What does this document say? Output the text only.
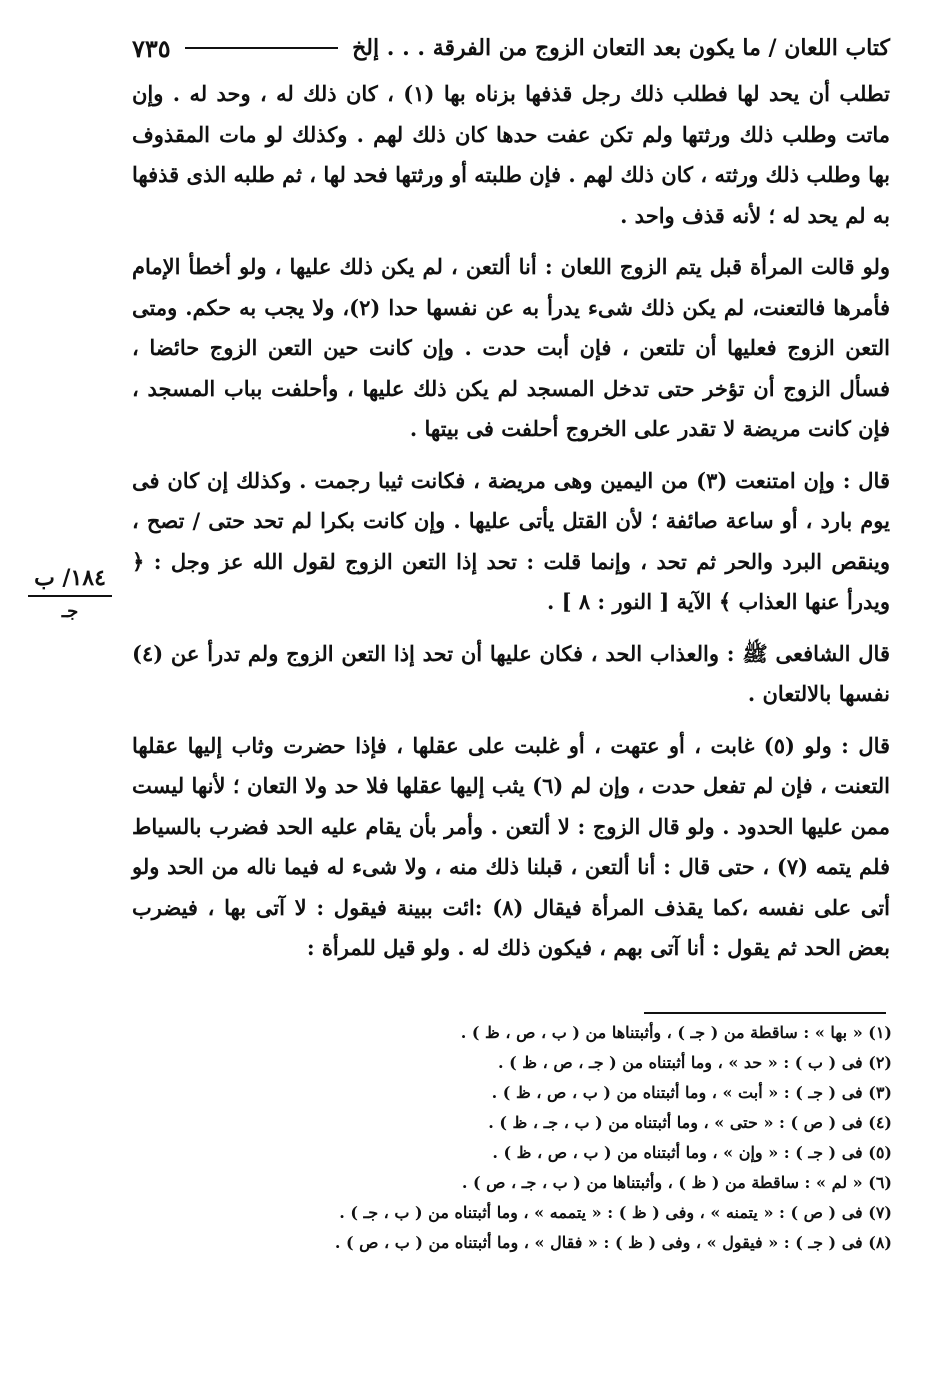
كتاب اللعان / ما يكون بعد التعان الزوج من الفرقة . . . إلخ
٧٣٥

تطلب أن يحد لها فطلب ذلك رجل قذفها بزناه بها (١) ، كان ذلك له ، وحد له . وإن ماتت وطلب ذلك ورثتها ولم تكن عفت حدها كان ذلك لهم . وكذلك لو مات المقذوف بها وطلب ذلك ورثته ، كان ذلك لهم . فإن طلبته أو ورثتها فحد لها ، ثم طلبه الذى قذفها به لم يحد له ؛ لأنه قذف واحد .

ولو قالت المرأة قبل يتم الزوج اللعان : أنا ألتعن ، لم يكن ذلك عليها ، ولو أخطأ الإمام فأمرها فالتعنت، لم يكن ذلك شىء يدرأ به عن نفسها حدا (٢)، ولا يجب به حكم. ومتى التعن الزوج فعليها أن تلتعن ، فإن أبت حدت . وإن كانت حين التعن الزوج حائضا ، فسأل الزوج أن تؤخر حتى تدخل المسجد لم يكن ذلك عليها ، وأحلفت بباب المسجد ، فإن كانت مريضة لا تقدر على الخروج أحلفت فى بيتها .

قال : وإن امتنعت (٣) من اليمين وهى مريضة ، فكانت ثيبا رجمت . وكذلك إن كان فى يوم بارد ، أو ساعة صائفة ؛ لأن القتل يأتى عليها . وإن كانت بكرا لم تحد حتى / تصح ، وينقص البرد والحر ثم تحد ، وإنما قلت : تحد إذا التعن الزوج لقول الله عز وجل : ﴿ ويدرأ عنها العذاب ﴾ الآية [ النور : ٨ ] .

قال الشافعى ﷺ : والعذاب الحد ، فكان عليها أن تحد إذا التعن الزوج ولم تدرأ عن (٤) نفسها بالالتعان .

قال : ولو (٥) غابت ، أو عتهت ، أو غلبت على عقلها ، فإذا حضرت وثاب إليها عقلها التعنت ، فإن لم تفعل حدت ، وإن لم (٦) يثب إليها عقلها فلا حد ولا التعان ؛ لأنها ليست ممن عليها الحدود . ولو قال الزوج : لا ألتعن . وأمر بأن يقام عليه الحد فضرب بالسياط فلم يتمه (٧) ، حتى قال : أنا ألتعن ، قبلنا ذلك منه ، ولا شىء له فيما ناله من الحد ولو أتى على نفسه ،كما يقذف المرأة فيقال (٨) :ائت ببينة فيقول : لا آتى بها ، فيضرب بعض الحد ثم يقول : أنا آتى بهم ، فيكون ذلك له . ولو قيل للمرأة :

١٨٤/ ب
جـ
(١) « بها » : ساقطة من ( جـ ) ، وأثبتناها من ( ب ، ص ، ظ ) .
(٢) فى ( ب ) : « حد » ، وما أثبتناه من ( جـ ، ص ، ظ ) .
(٣) فى ( جـ ) : « أبت » ، وما أثبتناه من ( ب ، ص ، ظ ) .
(٤) فى ( ص ) : « حتى » ، وما أثبتناه من ( ب ، جـ ، ظ ) .
(٥) فى ( جـ ) : « وإن » ، وما أثبتناه من ( ب ، ص ، ظ ) .
(٦) « لم » : ساقطة من ( ظ ) ، وأثبتناها من ( ب ، جـ ، ص ) .
(٧) فى ( ص ) : « يتمنه » ، وفى ( ظ ) : « يتممه » ، وما أثبتناه من ( ب ، جـ ) .
(٨) فى ( جـ ) : « فيقول » ، وفى ( ظ ) : « فقال » ، وما أثبتناه من ( ب ، ص ) .
